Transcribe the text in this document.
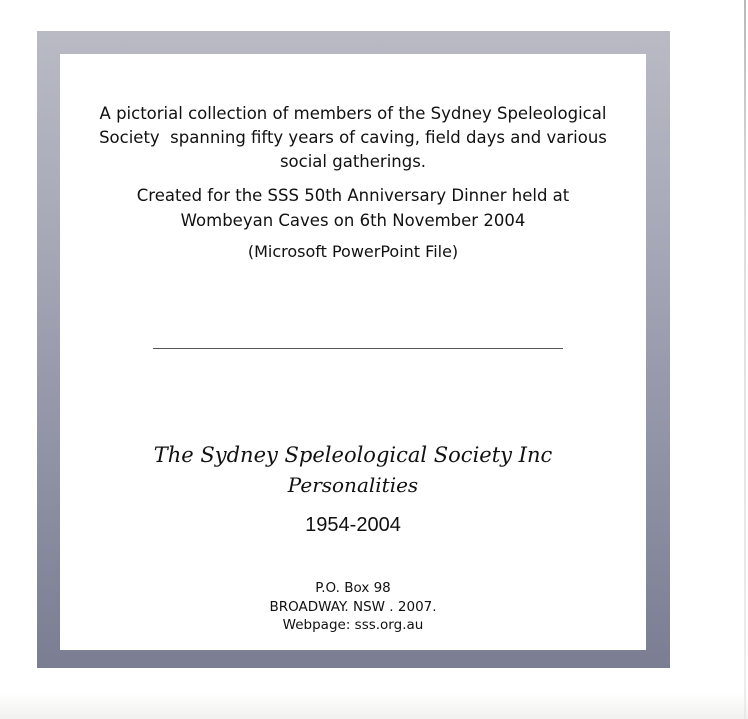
A pictorial collection of members of the Sydney Speleological

Society  spanning fifty years of caving, field days and various

social gatherings.

Created for the SSS 50th Anniversary Dinner held at

Wombeyan Caves on 6th November 2004

(Microsoft PowerPoint File)

The Sydney Speleological Society Inc

Personalities

1954-2004

P.O. Box 98

BROADWAY. NSW . 2007.

Webpage: sss.org.au
